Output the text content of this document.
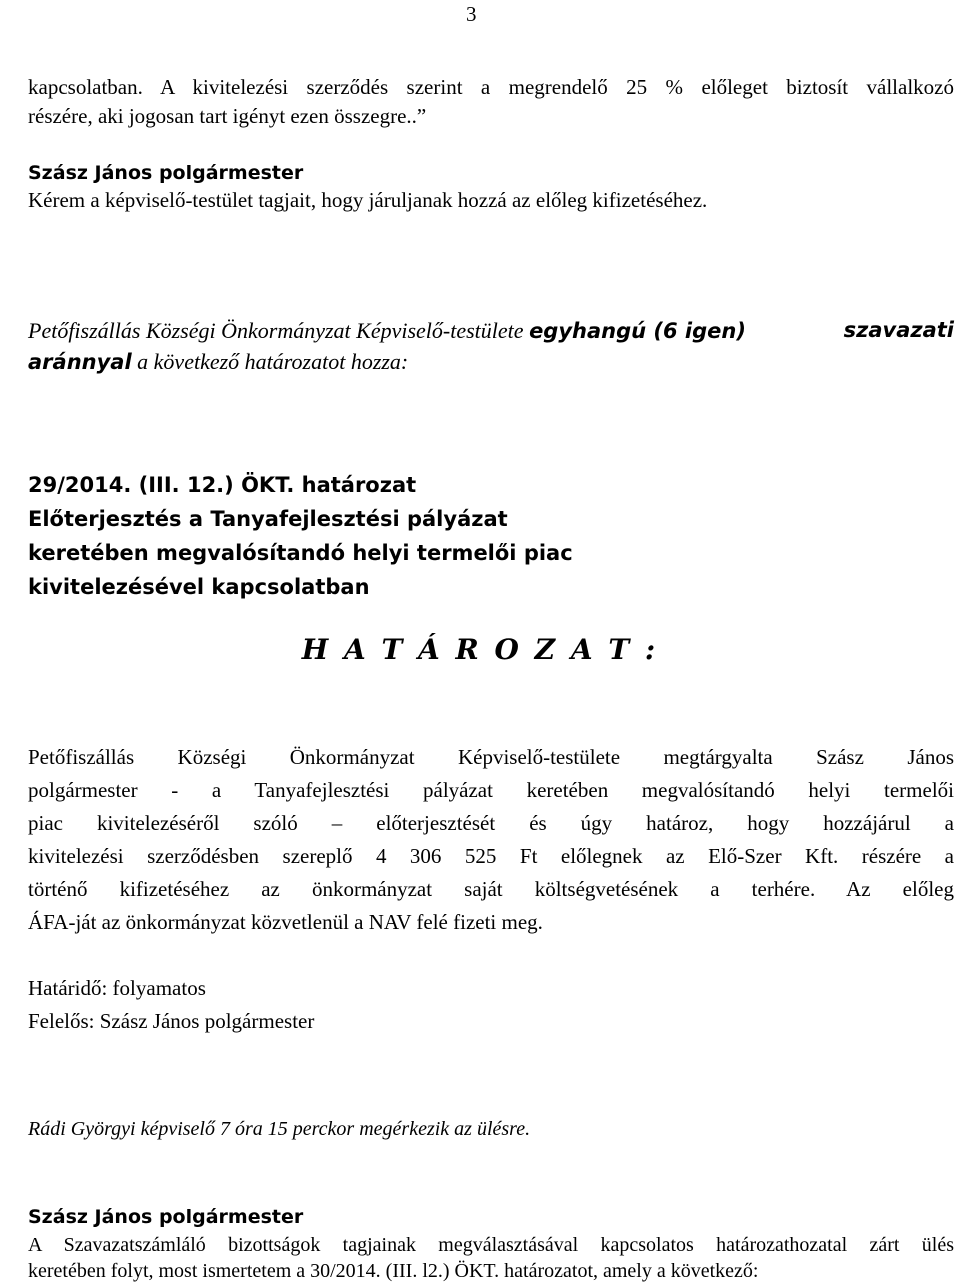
3
kapcsolatban. A kivitelezési szerződés szerint a megrendelő 25 % előleget biztosít vállalkozó
részére, aki jogosan tart igényt ezen összegre..”
Szász János polgármester
Kérem a képviselő-testület tagjait, hogy járuljanak hozzá az előleg kifizetéséhez.
Petőfiszállás Községi Önkormányzat Képviselő-testülete egyhangú (6 igen)	szavazati
aránnyal a következő határozatot hozza:
29/2014. (III. 12.) ÖKT. határozat
Előterjesztés a Tanyafejlesztési pályázat
keretében megvalósítandó helyi termelői piac
kivitelezésével kapcsolatban
H A T Á R O Z A T :
Petőfiszállás Községi Önkormányzat Képviselő-testülete megtárgyalta Szász János
polgármester - a Tanyafejlesztési pályázat keretében megvalósítandó helyi termelői
piac kivitelezéséről szóló – előterjesztését és úgy határoz, hogy hozzájárul a
kivitelezési szerződésben szereplő 4 306 525 Ft előlegnek az Elő-Szer Kft. részére a
történő kifizetéséhez az önkormányzat saját költségvetésének a terhére. Az előleg
ÁFA-ját az önkormányzat közvetlenül a NAV felé fizeti meg.
Határidő: folyamatos
Felelős: Szász János polgármester
Rádi Györgyi képviselő 7 óra 15 perckor megérkezik az ülésre.
Szász János polgármester
A Szavazatszámláló bizottságok tagjainak megválasztásával kapcsolatos határozathozatal zárt ülés
keretében folyt, most ismertetem a 30/2014. (III. l2.) ÖKT. határozatot, amely a következő:
